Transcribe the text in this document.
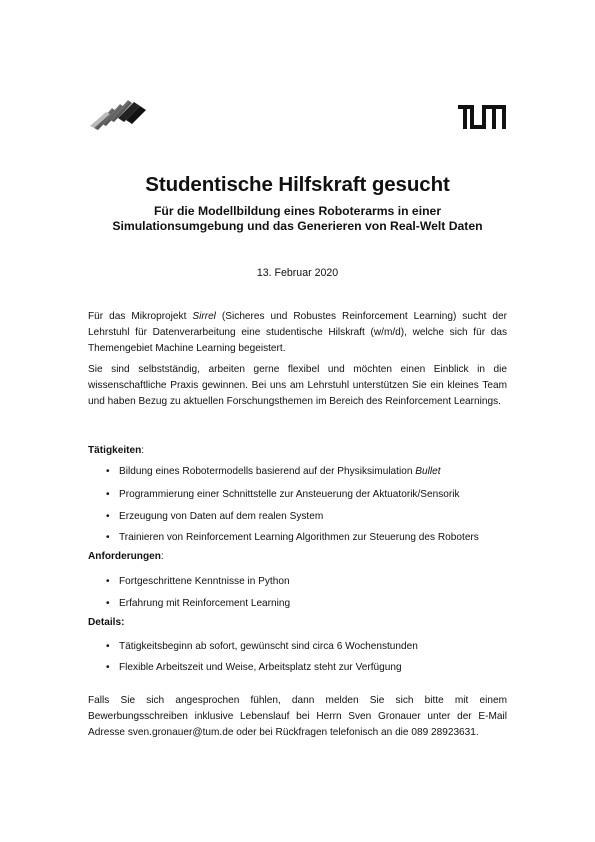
Studentische Hilfskraft gesucht
Für die Modellbildung eines Roboterarms in einer
Simulationsumgebung und das Generieren von Real-Welt Daten
13. Februar 2020

Für das Mikroprojekt Sirrel (Sicheres und Robustes Reinforcement Learning) sucht der Lehrstuhl für Datenverarbeitung eine studentische Hilskraft (w/m/d), welche sich für das Themengebiet Machine Learning begeistert.

Sie sind selbstständig, arbeiten gerne flexibel und möchten einen Einblick in die wissenschaftliche Praxis gewinnen. Bei uns am Lehrstuhl unterstützen Sie ein kleines Team und haben Bezug zu aktuellen Forschungsthemen im Bereich des Reinforcement Learnings.

Tätigkeiten:
• Bildung eines Robotermodells basierend auf der Physiksimulation Bullet
• Programmierung einer Schnittstelle zur Ansteuerung der Aktuatorik/Sensorik
• Erzeugung von Daten auf dem realen System
• Trainieren von Reinforcement Learning Algorithmen zur Steuerung des Roboters
Anforderungen:
• Fortgeschrittene Kenntnisse in Python
• Erfahrung mit Reinforcement Learning
Details:
• Tätigkeitsbeginn ab sofort, gewünscht sind circa 6 Wochenstunden
• Flexible Arbeitszeit und Weise, Arbeitsplatz steht zur Verfügung

Falls Sie sich angesprochen fühlen, dann melden Sie sich bitte mit einem Bewerbungsschreiben inklusive Lebenslauf bei Herrn Sven Gronauer unter der E-Mail Adresse sven.gronauer@tum.de oder bei Rückfragen telefonisch an die 089 28923631.
